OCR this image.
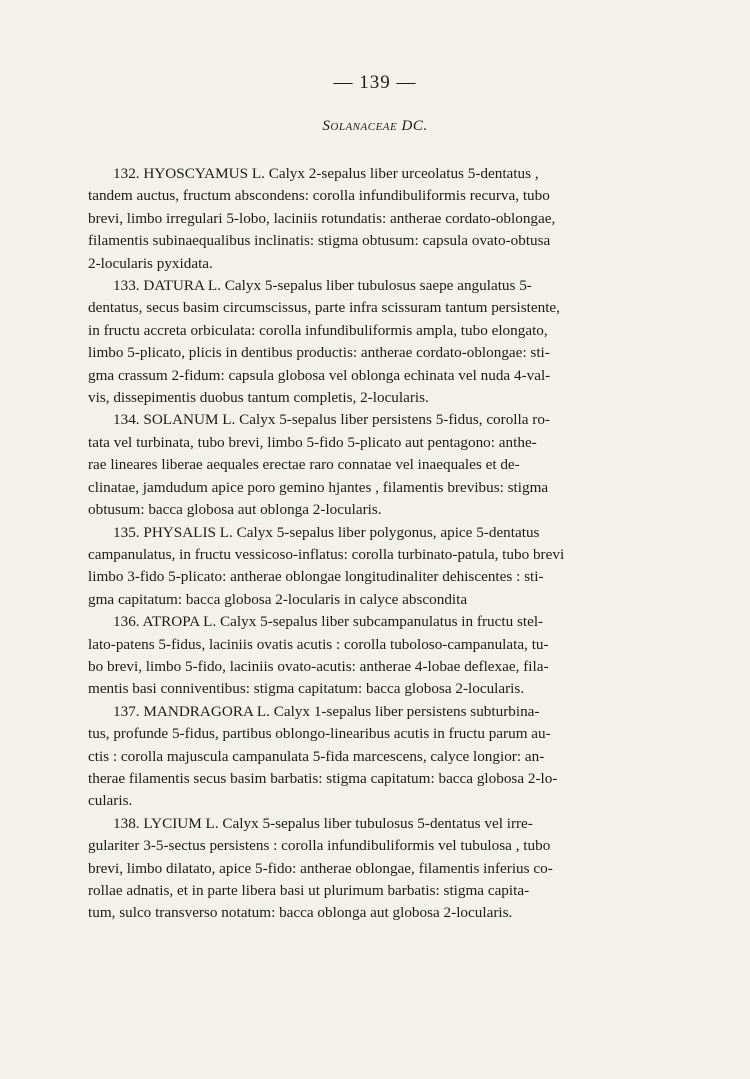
— 139 —
Solanaceae DC.
132. HYOSCYAMUS L. Calyx 2-sepalus liber urceolatus 5-dentatus ,
tandem auctus, fructum abscondens: corolla infundibuliformis recurva, tubo
brevi, limbo irregulari 5-lobo, laciniis rotundatis: antherae cordato-oblongae,
filamentis subinaequalibus inclinatis: stigma obtusum: capsula ovato-obtusa
2-locularis pyxidata.
133. DATURA L. Calyx 5-sepalus liber tubulosus saepe angulatus 5-
dentatus, secus basim circumscissus, parte infra scissuram tantum persistente,
in fructu accreta orbiculata: corolla infundibuliformis ampla, tubo elongato,
limbo 5-plicato, plicis in dentibus productis: antherae cordato-oblongae: sti-
gma crassum 2-fidum: capsula globosa vel oblonga echinata vel nuda 4-val-
vis, dissepimentis duobus tantum completis, 2-locularis.
134. SOLANUM L. Calyx 5-sepalus liber persistens 5-fidus, corolla ro-
tata vel turbinata, tubo brevi, limbo 5-fido 5-plicato aut pentagono: anthe-
rae lineares liberae aequales erectae raro connatae vel inaequales et de-
clinatae, jamdudum apice poro gemino hjantes , filamentis brevibus: stigma
obtusum: bacca globosa aut oblonga 2-locularis.
135. PHYSALIS L. Calyx 5-sepalus liber polygonus, apice 5-dentatus
campanulatus, in fructu vessicoso-inflatus: corolla turbinato-patula, tubo brevi
limbo 3-fido 5-plicato: antherae oblongae longitudinaliter dehiscentes : sti-
gma capitatum: bacca globosa 2-locularis in calyce abscondita
136. ATROPA L. Calyx 5-sepalus liber subcampanulatus in fructu stel-
lato-patens 5-fidus, laciniis ovatis acutis : corolla tuboloso-campanulata, tu-
bo brevi, limbo 5-fido, laciniis ovato-acutis: antherae 4-lobae deflexae, fila-
mentis basi conniventibus: stigma capitatum: bacca globosa 2-locularis.
137. MANDRAGORA L. Calyx 1-sepalus liber persistens subturbina-
tus, profunde 5-fidus, partibus oblongo-linearibus acutis in fructu parum au-
ctis : corolla majuscula campanulata 5-fida marcescens, calyce longior: an-
therae filamentis secus basim barbatis: stigma capitatum: bacca globosa 2-lo-
cularis.
138. LYCIUM L. Calyx 5-sepalus liber tubulosus 5-dentatus vel irre-
gulariter 3-5-sectus persistens : corolla infundibuliformis vel tubulosa , tubo
brevi, limbo dilatato, apice 5-fido: antherae oblongae, filamentis inferius co-
rollae adnatis, et in parte libera basi ut plurimum barbatis: stigma capita-
tum, sulco transverso notatum: bacca oblonga aut globosa 2-locularis.
